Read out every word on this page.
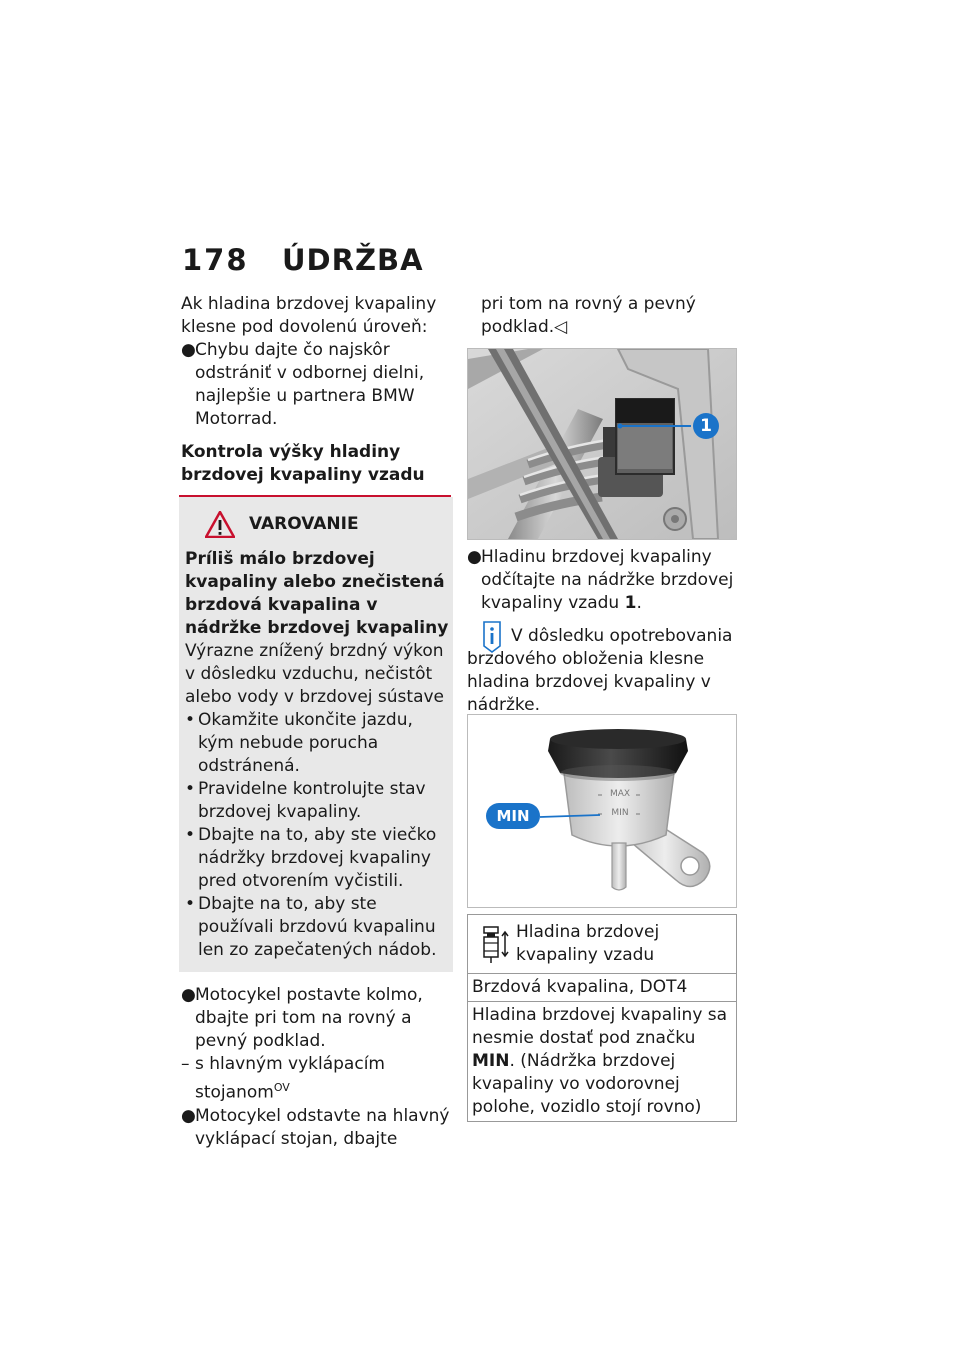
178 ÚDRŽBA

Ak hladina brzdovej kvapaliny klesne pod dovolenú úroveň:

● Chybu dajte čo najskôr odstrániť v odbornej dielni, najlepšie u partnera BMW Motorrad.

Kontrola výšky hladiny brzdovej kvapaliny vzadu

VAROVANIE

Príliš málo brzdovej kvapaliny alebo znečistená brzdová kvapalina v nádržke brzdovej kvapaliny

Výrazne znížený brzdný výkon v dôsledku vzduchu, nečistôt alebo vody v brzdovej sústave

• Okamžite ukončite jazdu, kým nebude porucha odstránená.
• Pravidelne kontrolujte stav brzdovej kvapaliny.
• Dbajte na to, aby ste viečko nádržky brzdovej kvapaliny pred otvorením vyčistili.
• Dbajte na to, aby ste používali brzdovú kvapalinu len zo zapečatených nádob.
● Motocykel postavte kolmo, dbajte pri tom na rovný a pevný podklad.
– s hlavným vyklápacím stojanom$^{OV}$
● Motocykel odstavte na hlavný vyklápací stojan, dbajte

pri tom na rovný a pevný podklad.◁

1
● Hladinu brzdovej kvapaliny odčítajte na nádržke brzdovej kvapaliny vzadu 1.

V dôsledku opotrebovania brzdového obloženia klesne hladina brzdovej kvapaliny v nádržke.

MAX
MIN
MIN
Hladina brzdovej kvapaliny vzadu
Brzdová kvapalina, DOT4
Hladina brzdovej kvapaliny sa nesmie dostať pod značku MIN. (Nádržka brzdovej kvapaliny vo vodorovnej polohe, vozidlo stojí rovno)
